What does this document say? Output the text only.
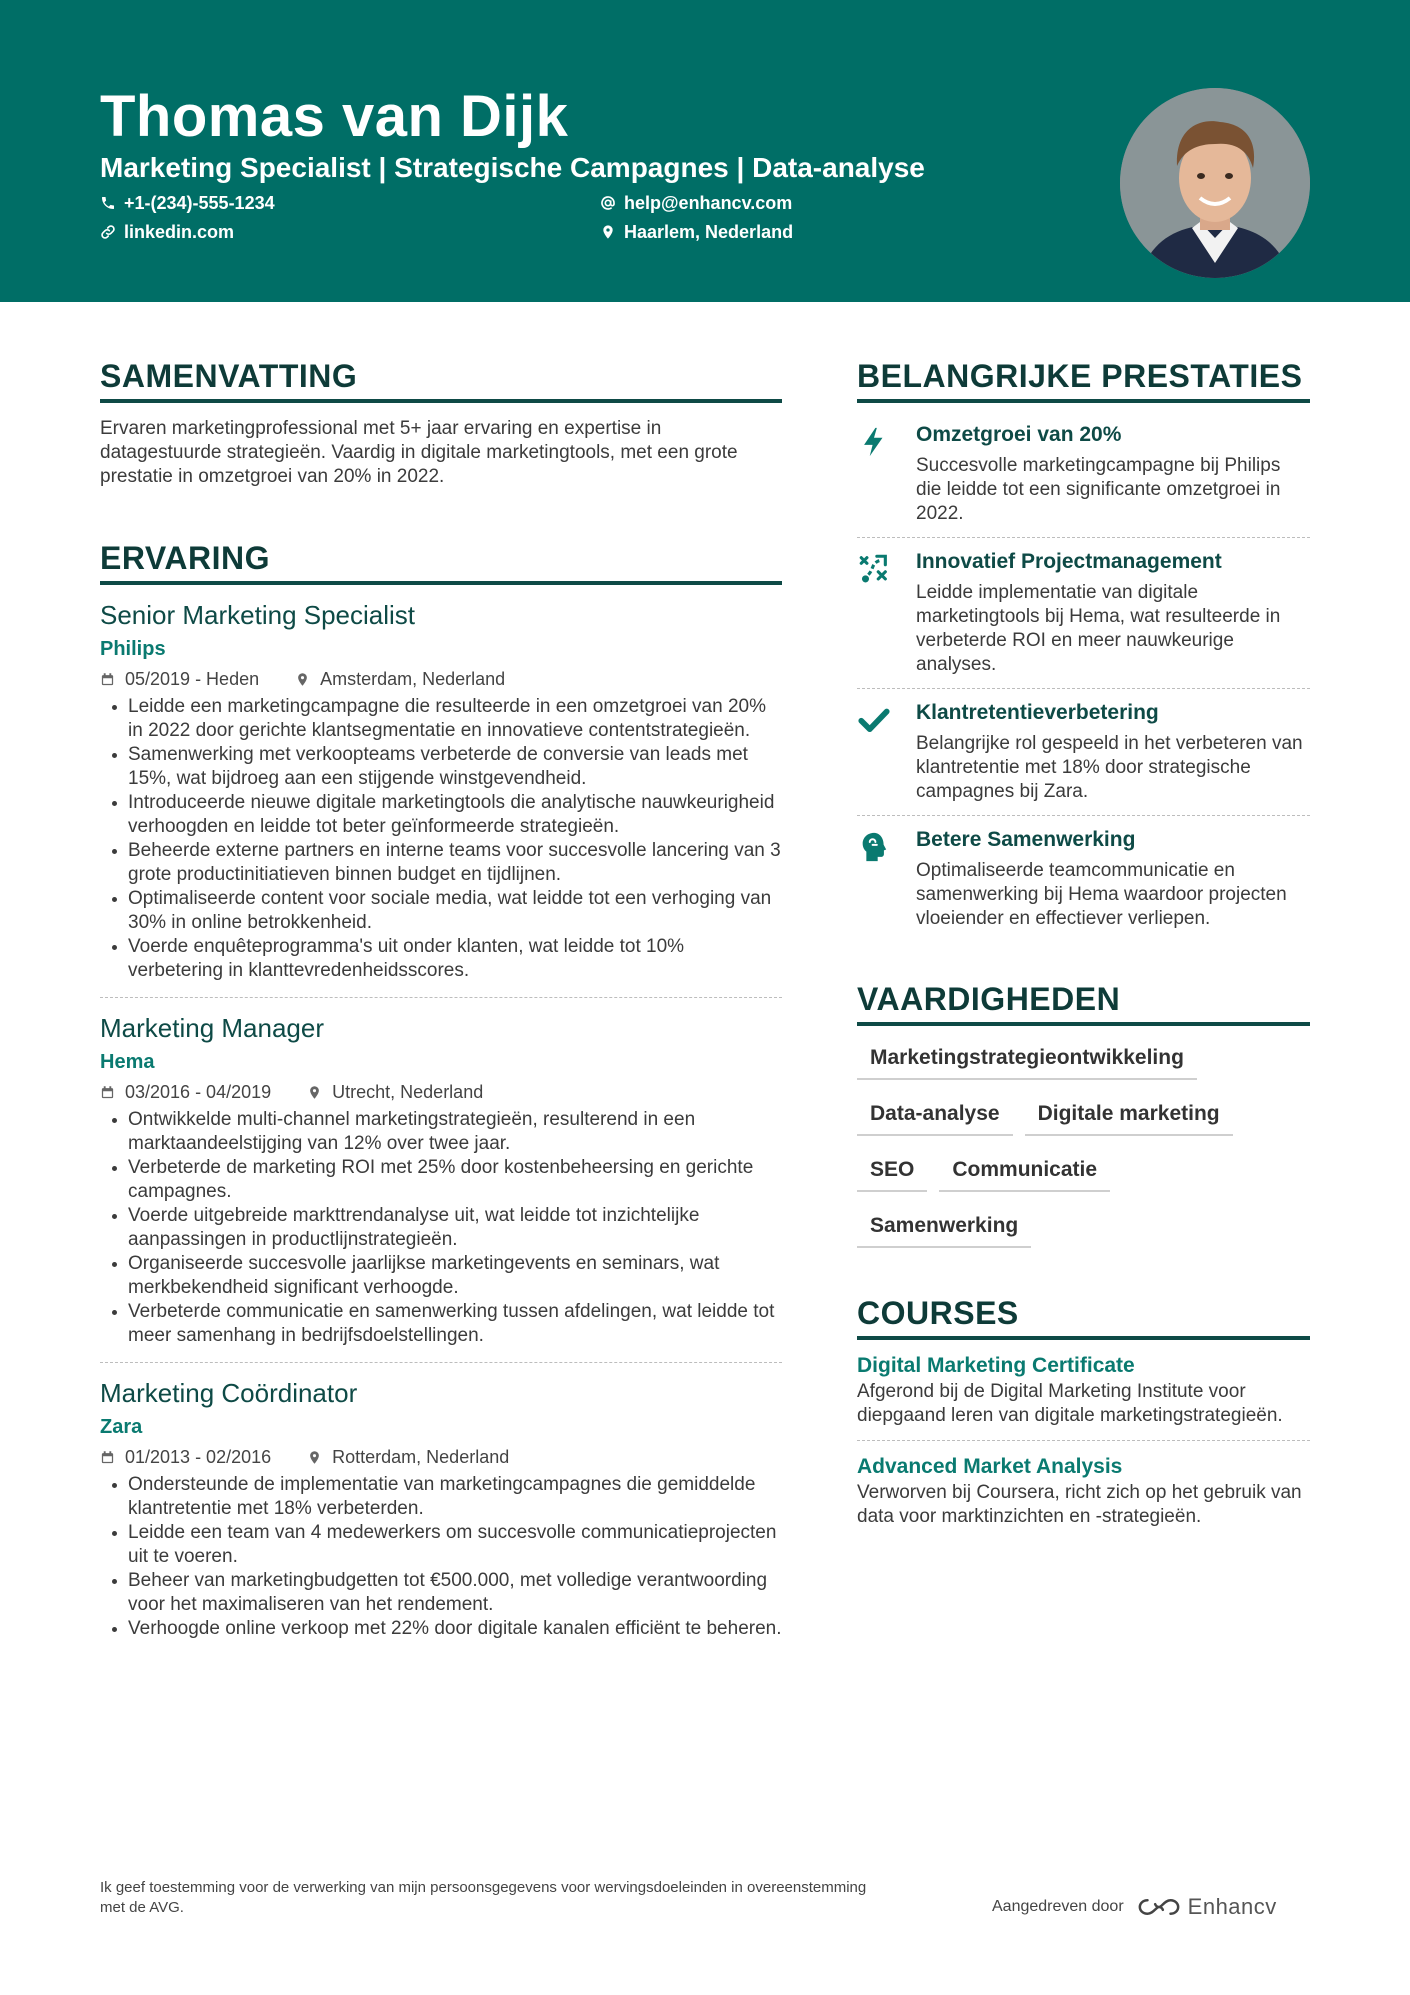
Thomas van Dijk
Marketing Specialist | Strategische Campagnes | Data-analyse
+1-(234)-555-1234	help@enhancv.com
linkedin.com	Haarlem, Nederland
SAMENVATTING
Ervaren marketingprofessional met 5+ jaar ervaring en expertise in datagestuurde strategieën. Vaardig in digitale marketingtools, met een grote prestatie in omzetgroei van 20% in 2022.
ERVARING
Senior Marketing Specialist
Philips
05/2019 - Heden	Amsterdam, Nederland
Leidde een marketingcampagne die resulteerde in een omzetgroei van 20% in 2022 door gerichte klantsegmentatie en innovatieve contentstrategieën.
Samenwerking met verkoopteams verbeterde de conversie van leads met 15%, wat bijdroeg aan een stijgende winstgevendheid.
Introduceerde nieuwe digitale marketingtools die analytische nauwkeurigheid verhoogden en leidde tot beter geïnformeerde strategieën.
Beheerde externe partners en interne teams voor succesvolle lancering van 3 grote productinitiatieven binnen budget en tijdlijnen.
Optimaliseerde content voor sociale media, wat leidde tot een verhoging van 30% in online betrokkenheid.
Voerde enquêteprogramma's uit onder klanten, wat leidde tot 10% verbetering in klanttevredenheidsscores.
Marketing Manager
Hema
03/2016 - 04/2019	Utrecht, Nederland
Ontwikkelde multi-channel marketingstrategieën, resulterend in een marktaandeelstijging van 12% over twee jaar.
Verbeterde de marketing ROI met 25% door kostenbeheersing en gerichte campagnes.
Voerde uitgebreide markttrendanalyse uit, wat leidde tot inzichtelijke aanpassingen in productlijnstrategieën.
Organiseerde succesvolle jaarlijkse marketingevents en seminars, wat merkbekendheid significant verhoogde.
Verbeterde communicatie en samenwerking tussen afdelingen, wat leidde tot meer samenhang in bedrijfsdoelstellingen.
Marketing Coördinator
Zara
01/2013 - 02/2016	Rotterdam, Nederland
Ondersteunde de implementatie van marketingcampagnes die gemiddelde klantretentie met 18% verbeterden.
Leidde een team van 4 medewerkers om succesvolle communicatieprojecten uit te voeren.
Beheer van marketingbudgetten tot €500.000, met volledige verantwoording voor het maximaliseren van het rendement.
Verhoogde online verkoop met 22% door digitale kanalen efficiënt te beheren.
BELANGRIJKE PRESTATIES
Omzetgroei van 20%
Succesvolle marketingcampagne bij Philips die leidde tot een significante omzetgroei in 2022.
Innovatief Projectmanagement
Leidde implementatie van digitale marketingtools bij Hema, wat resulteerde in verbeterde ROI en meer nauwkeurige analyses.
Klantretentieverbetering
Belangrijke rol gespeeld in het verbeteren van klantretentie met 18% door strategische campagnes bij Zara.
Betere Samenwerking
Optimaliseerde teamcommunicatie en samenwerking bij Hema waardoor projecten vloeiender en effectiever verliepen.
VAARDIGHEDEN
Marketingstrategieontwikkeling
Data-analyse	Digitale marketing
SEO	Communicatie
Samenwerking
COURSES
Digital Marketing Certificate
Afgerond bij de Digital Marketing Institute voor diepgaand leren van digitale marketingstrategieën.
Advanced Market Analysis
Verworven bij Coursera, richt zich op het gebruik van data voor marktinzichten en -strategieën.
Ik geef toestemming voor de verwerking van mijn persoonsgegevens voor wervingsdoeleinden in overeenstemming met de AVG.	Aangedreven door	Enhancv
